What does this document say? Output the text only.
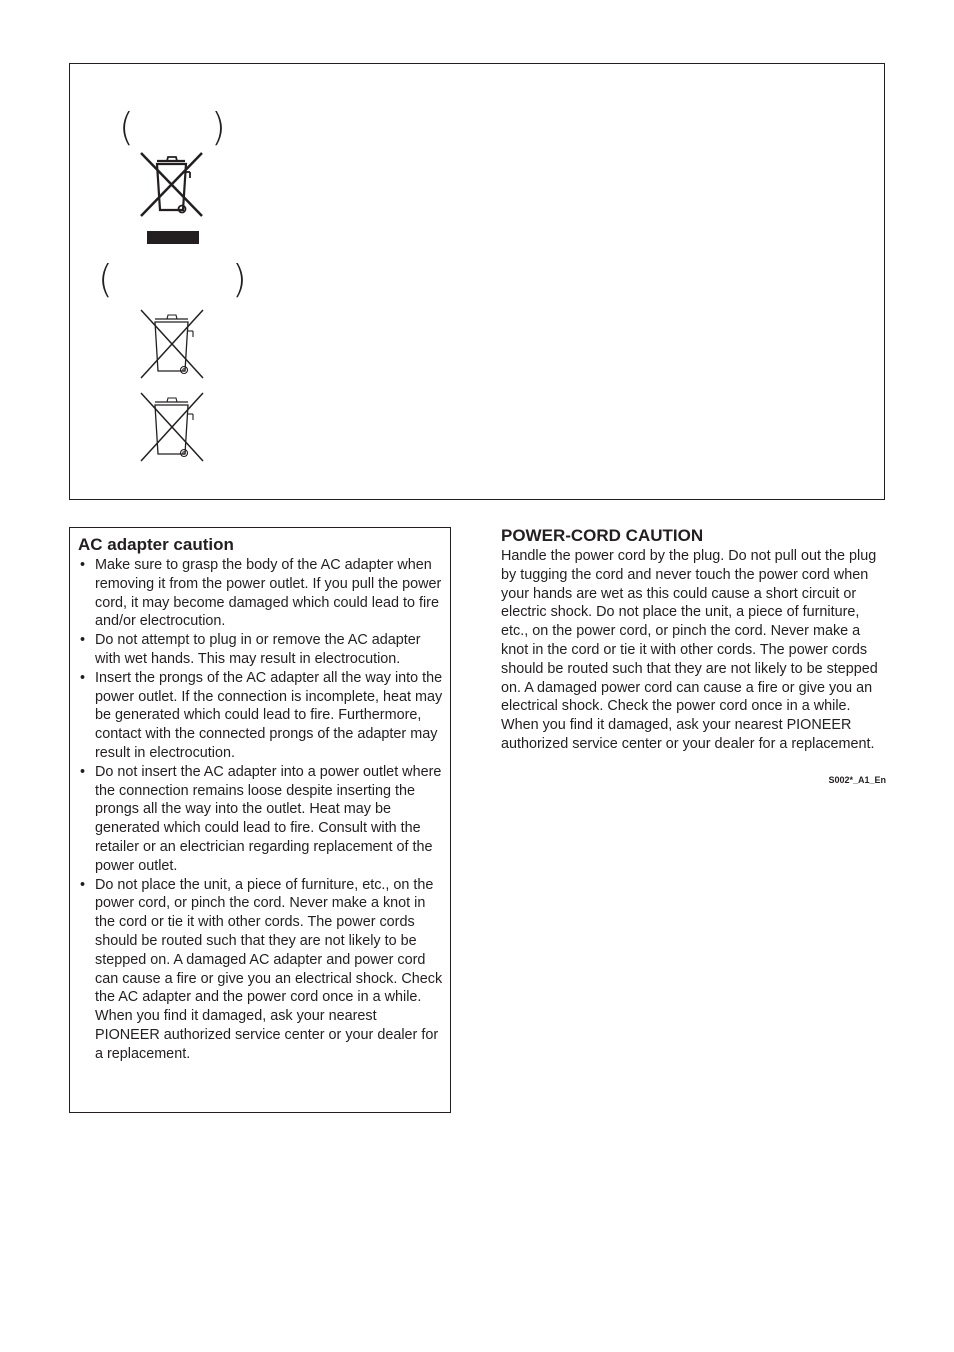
( )
(	)
AC adapter caution
• Make sure to grasp the body of the AC adapter when removing it from the power outlet. If you pull the power cord, it may become damaged which could lead to fire and/or electrocution.
• Do not attempt to plug in or remove the AC adapter with wet hands. This may result in electrocution.
• Insert the prongs of the AC adapter all the way into the power outlet. If the connection is incomplete, heat may be generated which could lead to fire. Furthermore, contact with the connected prongs of the adapter may result in electrocution.
• Do not insert the AC adapter into a power outlet where the connection remains loose despite inserting the prongs all the way into the outlet. Heat may be generated which could lead to fire. Consult with the retailer or an electrician regarding replacement of the power outlet.
• Do not place the unit, a piece of furniture, etc., on the power cord, or pinch the cord. Never make a knot in the cord or tie it with other cords. The power cords should be routed such that they are not likely to be stepped on. A damaged AC adapter and power cord can cause a fire or give you an electrical shock. Check the AC adapter and the power cord once in a while. When you find it damaged, ask your nearest PIONEER authorized service center or your dealer for a replacement.
POWER-CORD CAUTION

Handle the power cord by the plug. Do not pull out the plug by tugging the cord and never touch the power cord when your hands are wet as this could cause a short circuit or electric shock. Do not place the unit, a piece of furniture, etc., on the power cord, or pinch the cord. Never make a knot in the cord or tie it with other cords. The power cords should be routed such that they are not likely to be stepped on. A damaged power cord can cause a fire or give you an electrical shock. Check the power cord once in a while. When you find it damaged, ask your nearest PIONEER authorized service center or your dealer for a replacement.

S002*_A1_En
